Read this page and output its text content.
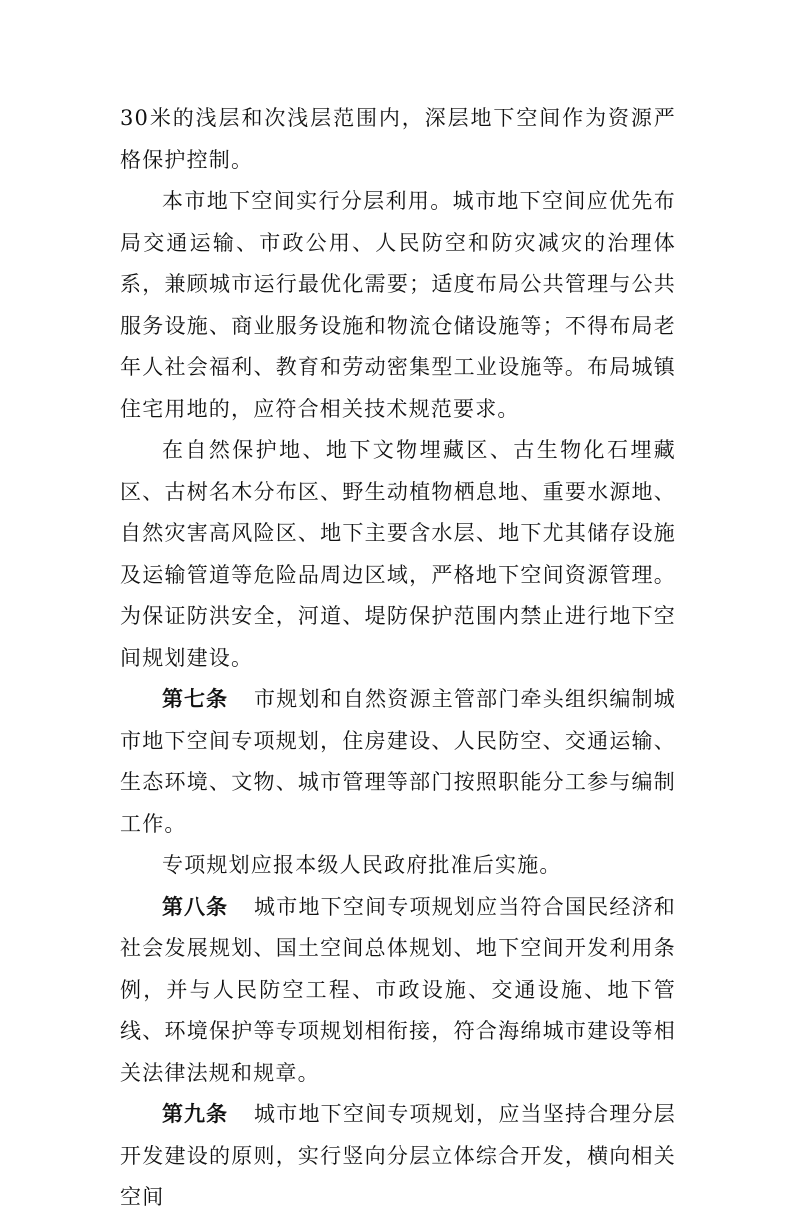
30米的浅层和次浅层范围内，深层地下空间作为资源严格保护控制。

本市地下空间实行分层利用。城市地下空间应优先布局交通运输、市政公用、人民防空和防灾减灾的治理体系，兼顾城市运行最优化需要；适度布局公共管理与公共服务设施、商业服务设施和物流仓储设施等；不得布局老年人社会福利、教育和劳动密集型工业设施等。布局城镇住宅用地的，应符合相关技术规范要求。

在自然保护地、地下文物埋藏区、古生物化石埋藏区、古树名木分布区、野生动植物栖息地、重要水源地、自然灾害高风险区、地下主要含水层、地下尤其储存设施及运输管道等危险品周边区域，严格地下空间资源管理。为保证防洪安全，河道、堤防保护范围内禁止进行地下空间规划建设。

第七条 市规划和自然资源主管部门牵头组织编制城市地下空间专项规划，住房建设、人民防空、交通运输、生态环境、文物、城市管理等部门按照职能分工参与编制工作。

专项规划应报本级人民政府批准后实施。

第八条 城市地下空间专项规划应当符合国民经济和社会发展规划、国土空间总体规划、地下空间开发利用条例，并与人民防空工程、市政设施、交通设施、地下管线、环境保护等专项规划相衔接，符合海绵城市建设等相关法律法规和规章。

第九条 城市地下空间专项规划，应当坚持合理分层开发建设的原则，实行竖向分层立体综合开发，横向相关空间
